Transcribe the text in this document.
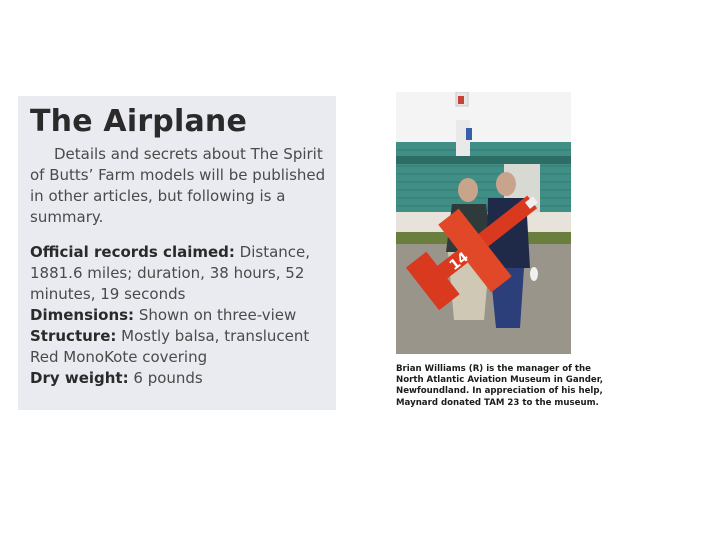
The Airplane

Details and secrets about The Spirit of Butts’ Farm models will be published in other articles, but following is a summary.

Official records claimed: Distance, 1881.6 miles; duration, 38 hours, 52 minutes, 19 seconds

Dimensions: Shown on three-view

Structure: Mostly balsa, translucent Red MonoKote covering

Dry weight: 6 pounds

14

Brian Williams (R) is the manager of the North Atlantic Aviation Museum in Gander, Newfoundland. In appreciation of his help, Maynard donated TAM 23 to the museum.
